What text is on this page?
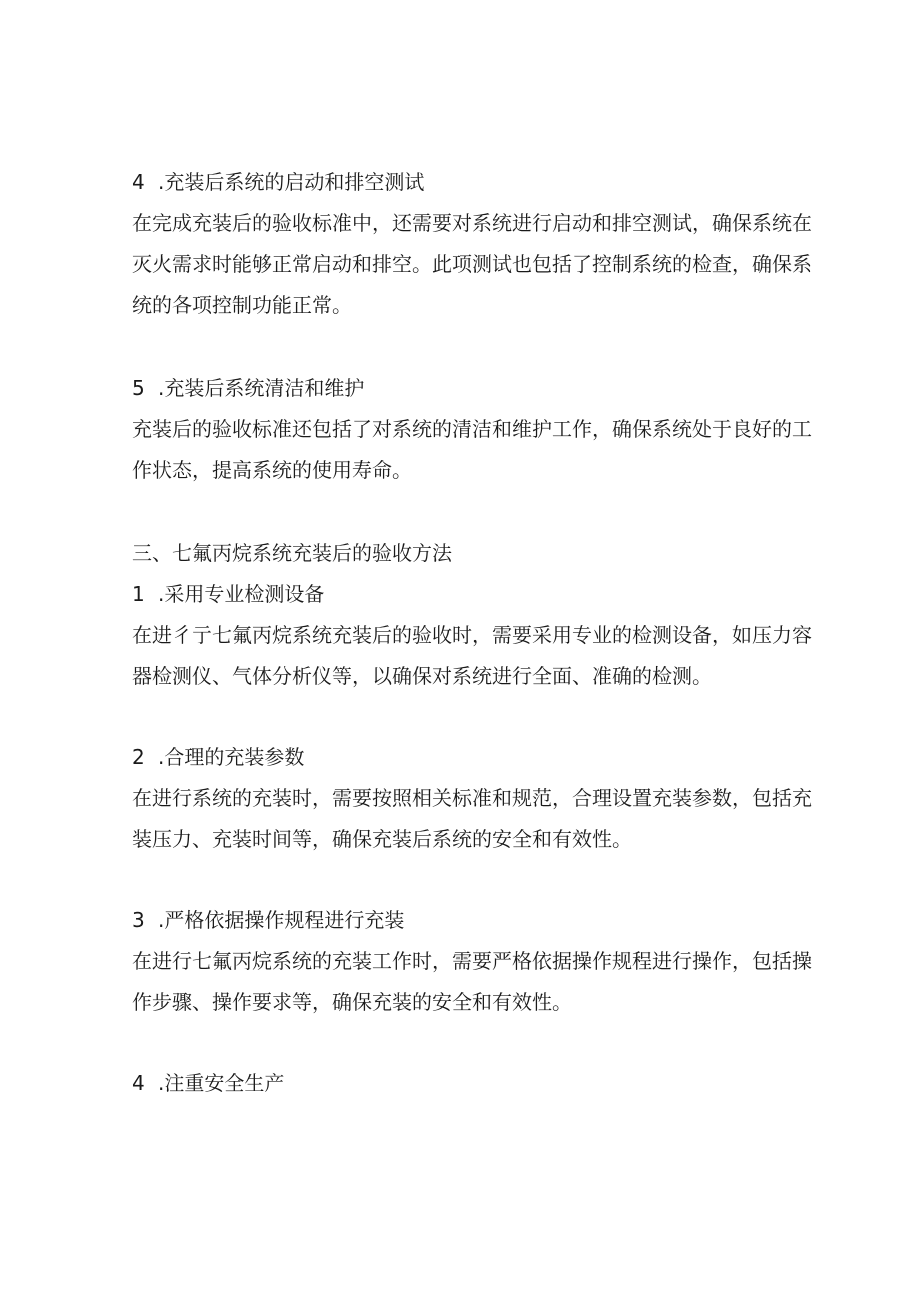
4 .充装后系统的启动和排空测试

在完成充装后的验收标准中，还需要对系统进行启动和排空测试，确保系统在灭火需求时能够正常启动和排空。此项测试也包括了控制系统的检查，确保系统的各项控制功能正常。

5 .充装后系统清洁和维护

充装后的验收标准还包括了对系统的清洁和维护工作，确保系统处于良好的工作状态，提高系统的使用寿命。

三、七氟丙烷系统充装后的验收方法

1 .采用专业检测设备

在进彳亍七氟丙烷系统充装后的验收时，需要采用专业的检测设备，如压力容器检测仪、气体分析仪等，以确保对系统进行全面、准确的检测。

2 .合理的充装参数

在进行系统的充装时，需要按照相关标准和规范，合理设置充装参数，包括充装压力、充装时间等，确保充装后系统的安全和有效性。

3 .严格依据操作规程进行充装

在进行七氟丙烷系统的充装工作时，需要严格依据操作规程进行操作，包括操作步骤、操作要求等，确保充装的安全和有效性。

4 .注重安全生产
